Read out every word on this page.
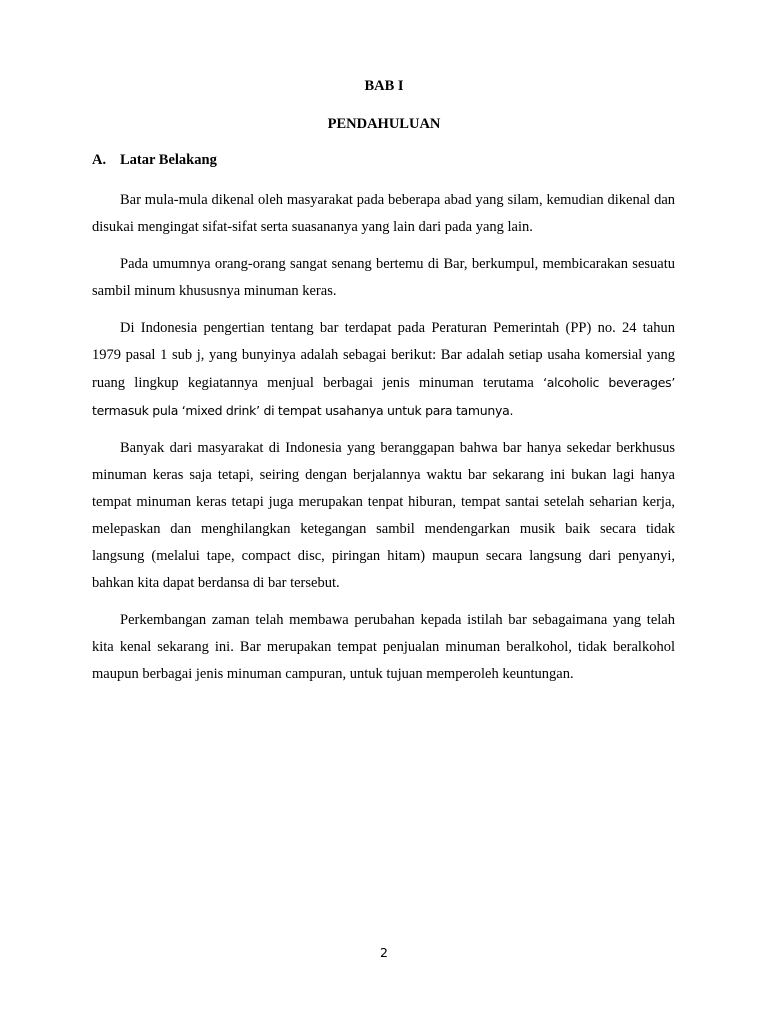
BAB I
PENDAHULUAN
A. Latar Belakang

Bar mula-mula dikenal oleh masyarakat pada beberapa abad yang silam, kemudian dikenal dan disukai mengingat sifat-sifat serta suasananya yang lain dari pada yang lain.

Pada umumnya orang-orang sangat senang bertemu di Bar, berkumpul, membicarakan sesuatu sambil minum khususnya minuman keras.

Di Indonesia pengertian tentang bar terdapat pada Peraturan Pemerintah (PP) no. 24 tahun 1979 pasal 1 sub j, yang bunyinya adalah sebagai berikut: Bar adalah setiap usaha komersial yang ruang lingkup kegiatannya menjual berbagai jenis minuman terutama ‘alcoholic beverages’ termasuk pula ‘mixed drink’ di tempat usahanya untuk para tamunya.

Banyak dari masyarakat di Indonesia yang beranggapan bahwa bar hanya sekedar berkhusus minuman keras saja tetapi, seiring dengan berjalannya waktu bar sekarang ini bukan lagi hanya tempat minuman keras tetapi juga merupakan tenpat hiburan, tempat santai setelah seharian kerja, melepaskan dan menghilangkan ketegangan sambil mendengarkan musik baik secara tidak langsung (melalui tape, compact disc, piringan hitam) maupun secara langsung dari penyanyi, bahkan kita dapat berdansa di bar tersebut.

Perkembangan zaman telah membawa perubahan kepada istilah bar sebagaimana yang telah kita kenal sekarang ini. Bar merupakan tempat penjualan minuman beralkohol, tidak beralkohol maupun berbagai jenis minuman campuran, untuk tujuan memperoleh keuntungan.

2
